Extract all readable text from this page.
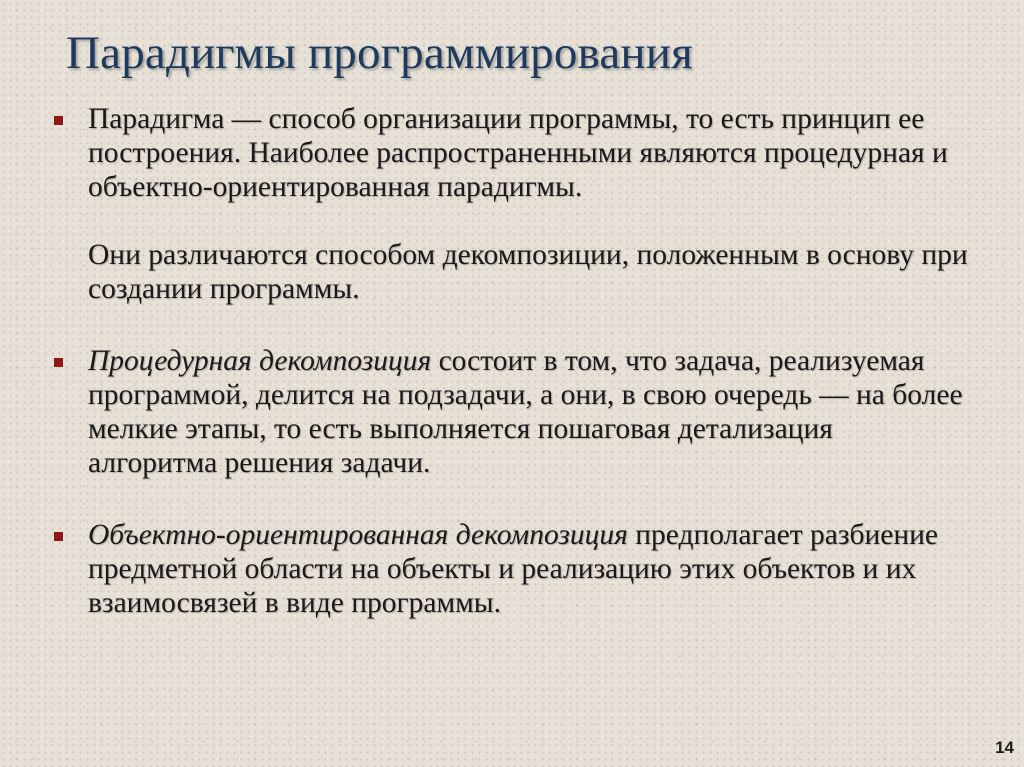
Парадигмы программирования

Парадигма — способ организации программы, то есть принцип ее построения. Наиболее распространенными являются процедурная и объектно-ориентированная парадигмы.

Они различаются способом декомпозиции, положенным в основу при создании программы.

Процедурная декомпозиция состоит в том, что задача, реализуемая программой, делится на подзадачи, а они, в свою очередь — на более мелкие этапы, то есть выполняется пошаговая детализация алгоритма решения задачи.

Объектно-ориентированная декомпозиция предполагает разбиение предметной области на объекты и реализацию этих объектов и их взаимосвязей в виде программы.

14
